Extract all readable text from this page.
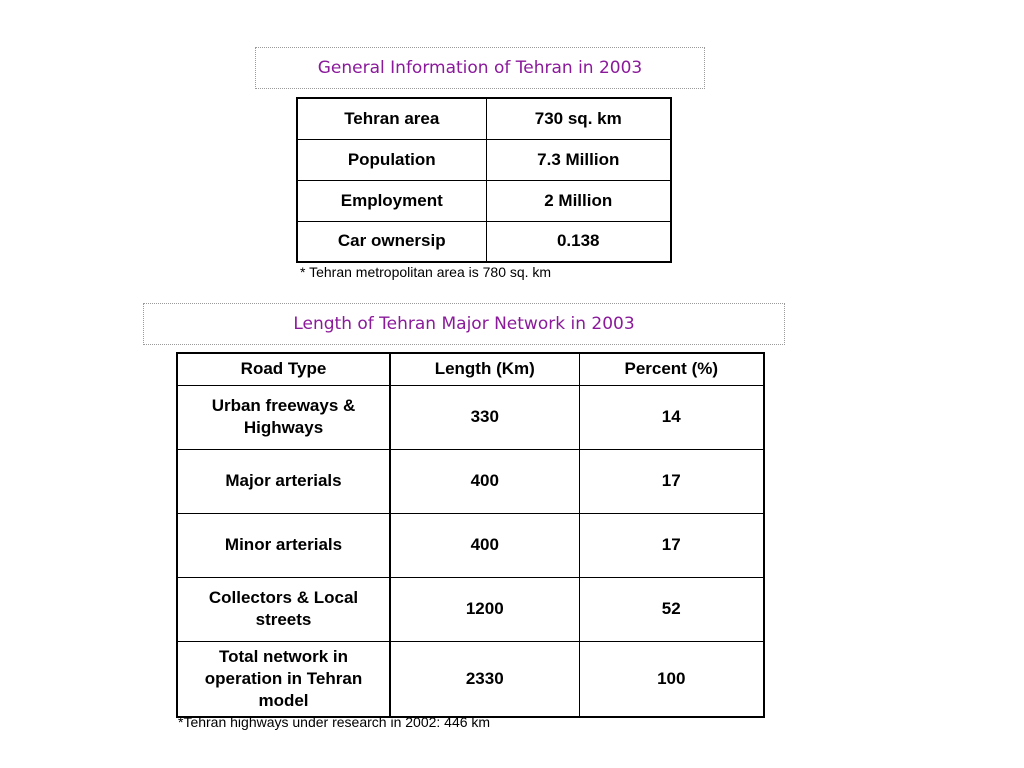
General Information of Tehran in 2003
Tehran area	730 sq. km
Population	7.3 Million
Employment	2 Million
Car ownersip	0.138
* Tehran metropolitan area is 780 sq. km
Length of Tehran Major Network in 2003
Road Type	Length (Km)	Percent (%)
Urban freeways & Highways	330	14
Major arterials	400	17
Minor arterials	400	17
Collectors & Local streets	1200	52
Total network in operation in Tehran model	2330	100
*Tehran highways under research in 2002: 446 km
